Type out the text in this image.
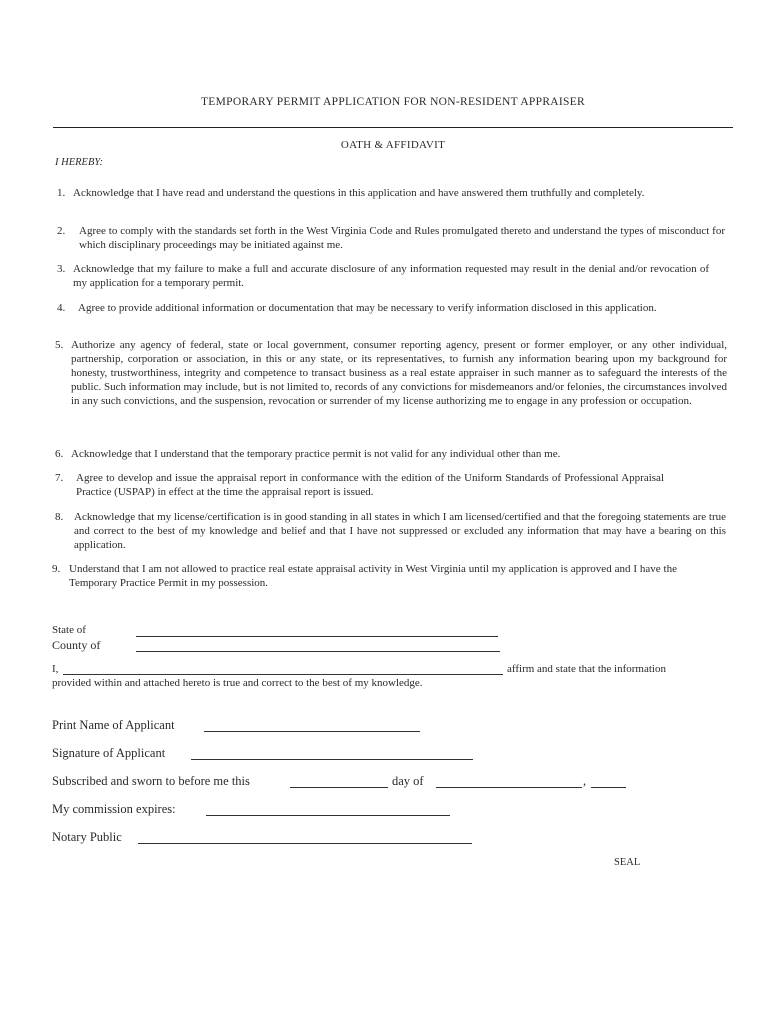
TEMPORARY PERMIT APPLICATION FOR NON-RESIDENT APPRAISER
OATH & AFFIDAVIT
I HEREBY:
1. Acknowledge that I have read and understand the questions in this application and have answered them truthfully and completely.
2. Agree to comply with the standards set forth in the West Virginia Code and Rules promulgated thereto and understand the types of misconduct for which disciplinary proceedings may be initiated against me.
3. Acknowledge that my failure to make a full and accurate disclosure of any information requested may result in the denial and/or revocation of my application for a temporary permit.
4. Agree to provide additional information or documentation that may be necessary to verify information disclosed in this application.
5. Authorize any agency of federal, state or local government, consumer reporting agency, present or former employer, or any other individual, partnership, corporation or association, in this or any state, or its representatives, to furnish any information bearing upon my background for honesty, trustworthiness, integrity and competence to transact business as a real estate appraiser in such manner as to safeguard the interests of the public. Such information may include, but is not limited to, records of any convictions for misdemeanors and/or felonies, the circumstances involved in any such convictions, and the suspension, revocation or surrender of my license authorizing me to engage in any profession or occupation.
6. Acknowledge that I understand that the temporary practice permit is not valid for any individual other than me.
7. Agree to develop and issue the appraisal report in conformance with the edition of the Uniform Standards of Professional Appraisal Practice (USPAP) in effect at the time the appraisal report is issued.
8. Acknowledge that my license/certification is in good standing in all states in which I am licensed/certified and that the foregoing statements are true and correct to the best of my knowledge and belief and that I have not suppressed or excluded any information that may have a bearing on this application.
9. Understand that I am not allowed to practice real estate appraisal activity in West Virginia until my application is approved and I have the Temporary Practice Permit in my possession.
State of
County of
I,	affirm and state that the information
provided within and attached hereto is true and correct to the best of my knowledge.
Print Name of Applicant
Signature of Applicant
Subscribed and sworn to before me this	day of	,
My commission expires:
Notary Public
SEAL
